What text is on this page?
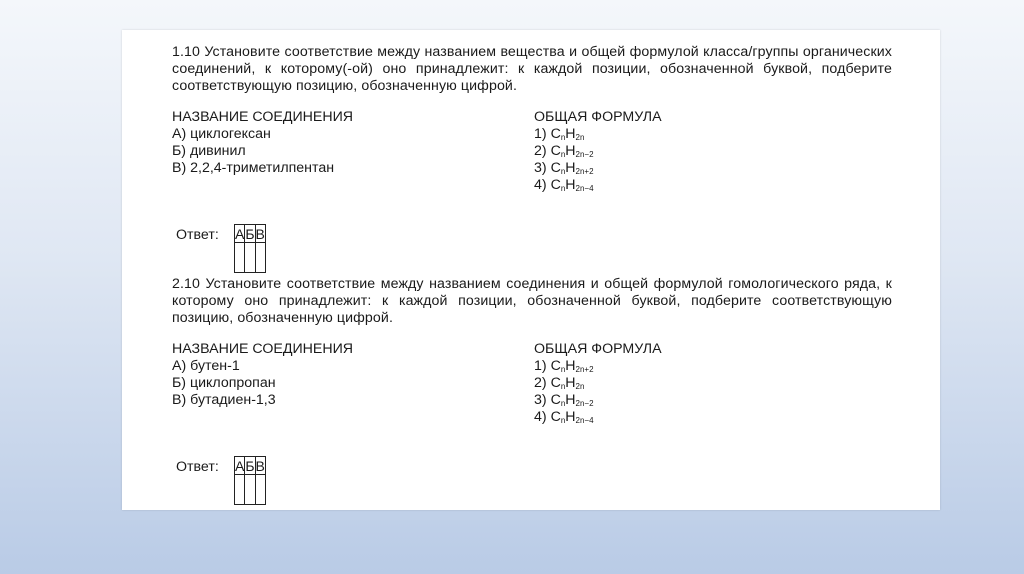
1.10 Установите соответствие между названием вещества и общей формулой класса/группы органических соединений, к которому(-ой) оно принадлежит: к каждой позиции, обозначенной буквой, подберите соответствующую позицию, обозначенную цифрой.

НАЗВАНИЕ СОЕДИНЕНИЯ
А) циклогексан
Б) дивинил
В) 2,2,4-триметилпентан
ОБЩАЯ ФОРМУЛА
1) $C_nH_{2n}$
2) $C_nH_{2n-2}$
3) $C_nH_{2n+2}$
4) $C_nH_{2n-4}$
Ответ: А	Б	В

2.10 Установите соответствие между названием соединения и общей формулой гомологического ряда, к которому оно принадлежит: к каждой позиции, обозначенной буквой, подберите соответствующую позицию, обозначенную цифрой.

НАЗВАНИЕ СОЕДИНЕНИЯ
А) бутен-1
Б) циклопропан
В) бутадиен-1,3
ОБЩАЯ ФОРМУЛА
1) $C_nH_{2n+2}$
2) $C_nH_{2n}$
3) $C_nH_{2n-2}$
4) $C_nH_{2n-4}$
Ответ: А	Б	В
